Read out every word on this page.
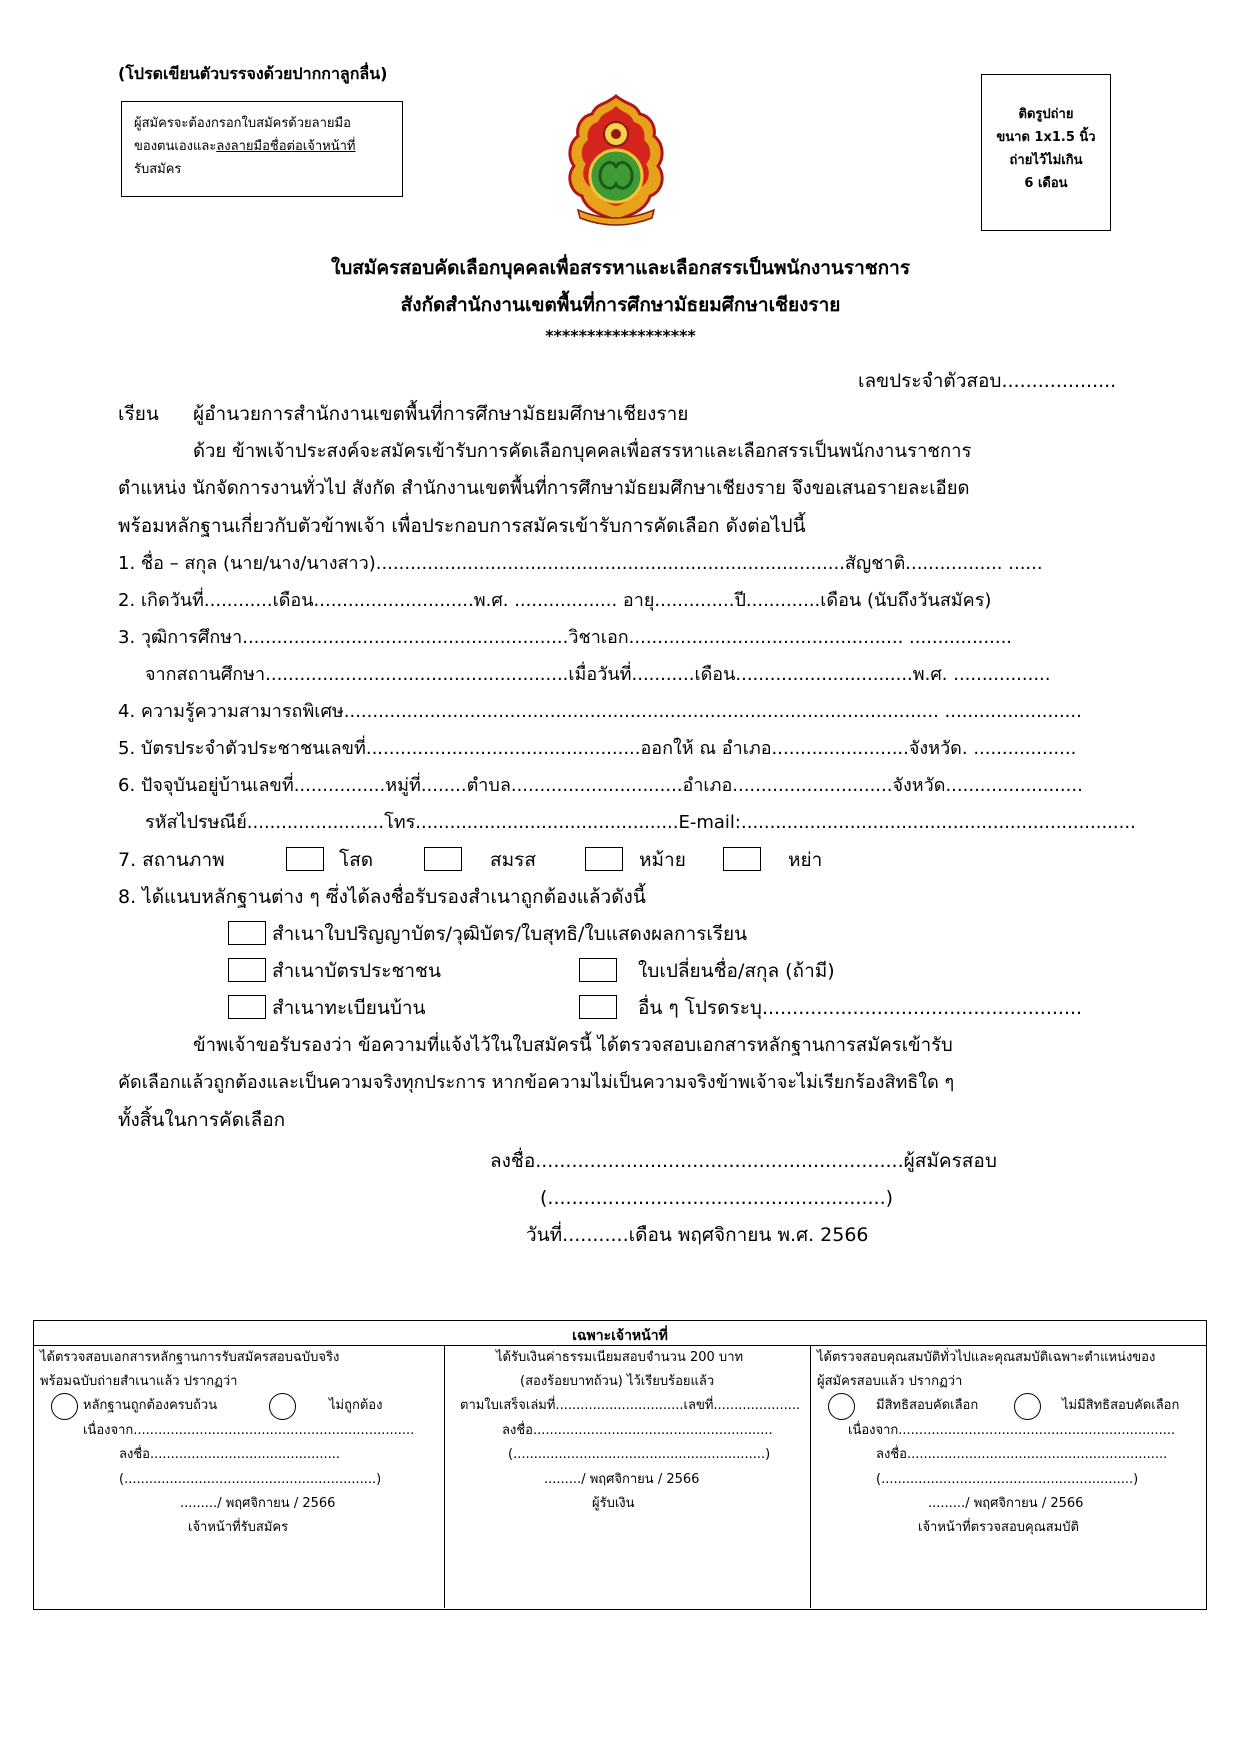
(โปรดเขียนตัวบรรจงด้วยปากกาลูกลื่น)
ผู้สมัครจะต้องกรอกใบสมัครด้วยลายมือ
ของตนเองและลงลายมือชื่อต่อเจ้าหน้าที่
รับสมัคร
ติดรูปถ่าย
ขนาด 1x1.5 นิ้ว
ถ่ายไว้ไม่เกิน
6 เดือน
ใบสมัครสอบคัดเลือกบุคคลเพื่อสรรหาและเลือกสรรเป็นพนักงานราชการ
สังกัดสำนักงานเขตพื้นที่การศึกษามัธยมศึกษาเชียงราย
******************
เลขประจำตัวสอบ...................
เรียน ผู้อำนวยการสำนักงานเขตพื้นที่การศึกษามัธยมศึกษาเชียงราย
ด้วย ข้าพเจ้าประสงค์จะสมัครเข้ารับการคัดเลือกบุคคลเพื่อสรรหาและเลือกสรรเป็นพนักงานราชการ
ตำแหน่ง นักจัดการงานทั่วไป สังกัด สำนักงานเขตพื้นที่การศึกษามัธยมศึกษาเชียงราย จึงขอเสนอรายละเอียด
พร้อมหลักฐานเกี่ยวกับตัวข้าพเจ้า เพื่อประกอบการสมัครเข้ารับการคัดเลือก ดังต่อไปนี้
1. ชื่อ – สกุล (นาย/นาง/นางสาว)..................................................................................สัญชาติ................. ......
2. เกิดวันที่............เดือน............................พ.ศ. .................. อายุ..............ปี.............เดือน (นับถึงวันสมัคร)
3. วุฒิการศึกษา.........................................................วิชาเอก................................................ ..................
จากสถานศึกษา.....................................................เมื่อวันที่...........เดือน...............................พ.ศ. .................
4. ความรู้ความสามารถพิเศษ........................................................................................................ ........................
5. บัตรประจำตัวประชาชนเลขที่................................................ออกให้ ณ อำเภอ........................จังหวัด. ..................
6. ปัจจุบันอยู่บ้านเลขที่................หมู่ที่........ตำบล..............................อำเภอ............................จังหวัด........................
รหัสไปรษณีย์........................โทร..............................................E-mail:.....................................................................
7. สถานภาพ	โสด	สมรส	หม้าย	หย่า
8. ได้แนบหลักฐานต่าง ๆ ซึ่งได้ลงชื่อรับรองสำเนาถูกต้องแล้วดังนี้
สำเนาใบปริญญาบัตร/วุฒิบัตร/ใบสุทธิ/ใบแสดงผลการเรียน
สำเนาบัตรประชาชน	ใบเปลี่ยนชื่อ/สกุล (ถ้ามี)
สำเนาทะเบียนบ้าน	อื่น ๆ โปรดระบุ.....................................................
ข้าพเจ้าขอรับรองว่า ข้อความที่แจ้งไว้ในใบสมัครนี้ ได้ตรวจสอบเอกสารหลักฐานการสมัครเข้ารับ
คัดเลือกแล้วถูกต้องและเป็นความจริงทุกประการ หากข้อความไม่เป็นความจริงข้าพเจ้าจะไม่เรียกร้องสิทธิใด ๆ
ทั้งสิ้นในการคัดเลือก
ลงชื่อ.............................................................ผู้สมัครสอบ
(........................................................)
วันที่...........เดือน พฤศจิกายน พ.ศ. 2566
เฉพาะเจ้าหน้าที่
ได้ตรวจสอบเอกสารหลักฐานการรับสมัครสอบฉบับจริง
พร้อมฉบับถ่ายสำเนาแล้ว ปรากฏว่า
หลักฐานถูกต้องครบถ้วน	ไม่ถูกต้อง
เนื่องจาก....................................................................
ลงชื่อ..............................................
(.............................................................)
........./ พฤศจิกายน / 2566
เจ้าหน้าที่รับสมัคร
ได้รับเงินค่าธรรมเนียมสอบจำนวน 200 บาท
(สองร้อยบาทถ้วน) ไว้เรียบร้อยแล้ว
ตามใบเสร็จเล่มที่...............................เลขที่.....................
ลงชื่อ..........................................................
(.............................................................)
........./ พฤศจิกายน / 2566
ผู้รับเงิน
ได้ตรวจสอบคุณสมบัติทั่วไปและคุณสมบัติเฉพาะตำแหน่งของ
ผู้สมัครสอบแล้ว ปรากฏว่า
มีสิทธิสอบคัดเลือก	ไม่มีสิทธิสอบคัดเลือก
เนื่องจาก...................................................................
ลงชื่อ...............................................................
(.............................................................)
........./ พฤศจิกายน / 2566
เจ้าหน้าที่ตรวจสอบคุณสมบัติ
